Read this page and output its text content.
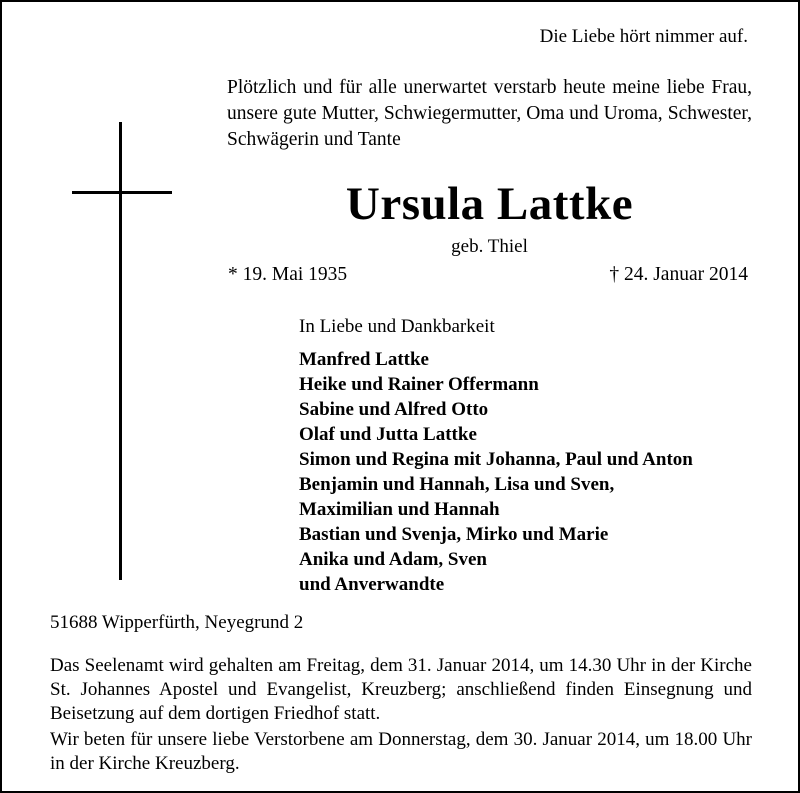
Die Liebe hört nimmer auf.

Plötzlich und für alle unerwartet verstarb heute meine liebe Frau, unsere gute Mutter, Schwiegermutter, Oma und Uroma, Schwester, Schwägerin und Tante

Ursula Lattke
geb. Thiel
* 19. Mai 1935	† 24. Januar 2014
In Liebe und Dankbarkeit
Manfred Lattke
Heike und Rainer Offermann
Sabine und Alfred Otto
Olaf und Jutta Lattke
Simon und Regina mit Johanna, Paul und Anton
Benjamin und Hannah, Lisa und Sven,
Maximilian und Hannah
Bastian und Svenja, Mirko und Marie
Anika und Adam, Sven
und Anverwandte
51688 Wipperfürth, Neyegrund 2

Das Seelenamt wird gehalten am Freitag, dem 31. Januar 2014, um 14.30 Uhr in der Kirche St. Johannes Apostel und Evangelist, Kreuzberg; anschließend finden Einsegnung und Beisetzung auf dem dortigen Friedhof statt.

Wir beten für unsere liebe Verstorbene am Donnerstag, dem 30. Januar 2014, um 18.00 Uhr in der Kirche Kreuzberg.
